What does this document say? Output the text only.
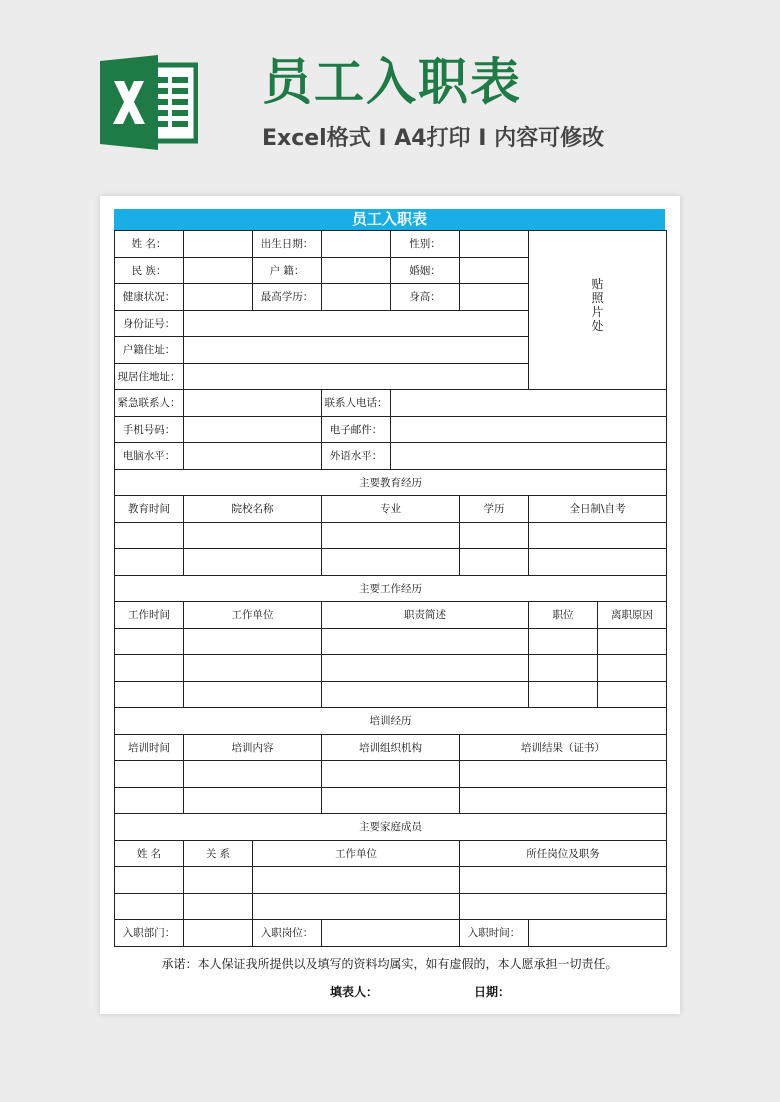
员工入职表
Excel格式 I A4打印 I 内容可修改
员工入职表
姓 名：		出生日期：		性别：		贴照片处	

民 族：		户 籍：		婚姻：			
健康状况：		最高学历：		身高：			
身份证号：							
户籍住址：							
现居住地址：							
紧急联系人：			联系人电话：				
手机号码：			电子邮件：				
电脑水平：			外语水平：				
主要教育经历							
教育时间	院校名称		专业		学历	全日制\自考	

主要工作经历							
工作时间	工作单位		职责简述			职位	离职原因

培训经历							
培训时间	培训内容		培训组织机构		培训结果（证书）		

主要家庭成员							
姓 名	关 系	工作单位			所任岗位及职务		

入职部门：		入职岗位：			入职时间：		
承诺：本人保证我所提供以及填写的资料均属实，如有虚假的，本人愿承担一切责任。
填表人：	日期：
